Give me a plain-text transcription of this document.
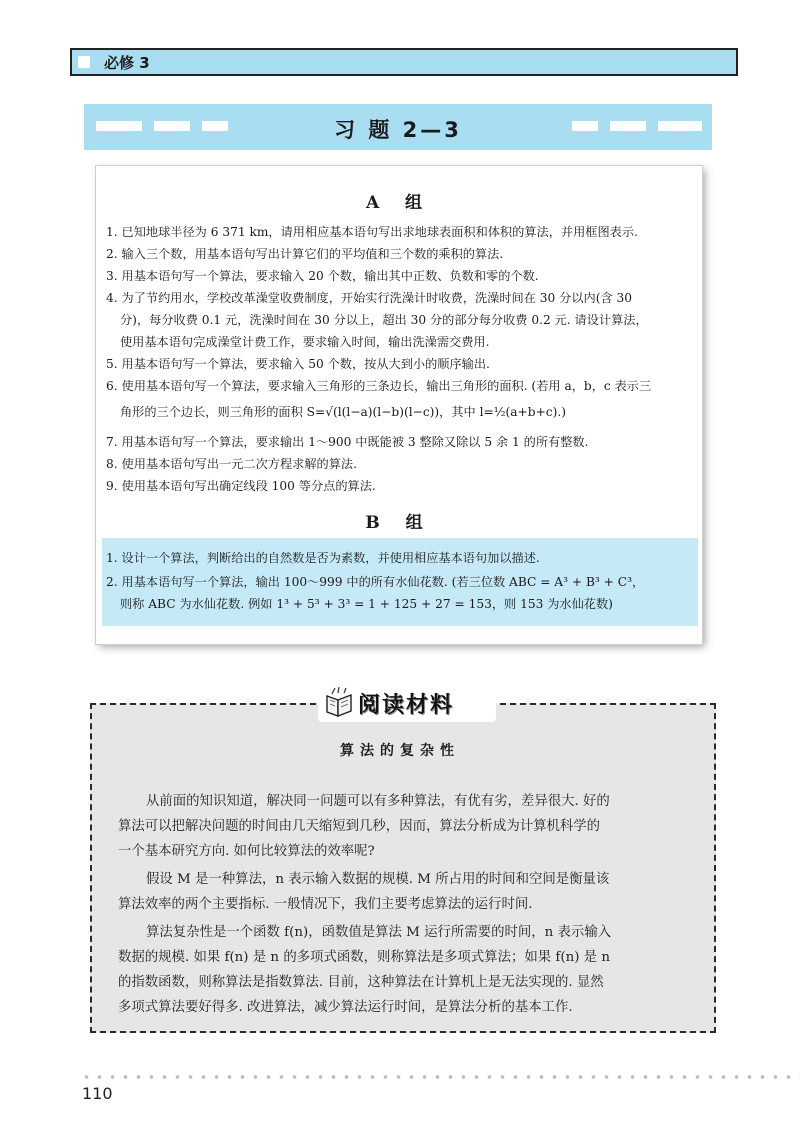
必修 3
习 题 2—3
A 组
1. 已知地球半径为 6 371 km，请用相应基本语句写出求地球表面积和体积的算法，并用框图表示.
2. 输入三个数，用基本语句写出计算它们的平均值和三个数的乘积的算法.
3. 用基本语句写一个算法，要求输入 20 个数，输出其中正数、负数和零的个数.
4. 为了节约用水，学校改革澡堂收费制度，开始实行洗澡计时收费，洗澡时间在 30 分以内(含 30
分)，每分收费 0.1 元，洗澡时间在 30 分以上，超出 30 分的部分每分收费 0.2 元. 请设计算法，
使用基本语句完成澡堂计费工作，要求输入时间，输出洗澡需交费用.
5. 用基本语句写一个算法，要求输入 50 个数，按从大到小的顺序输出.
6. 使用基本语句写一个算法，要求输入三角形的三条边长，输出三角形的面积. (若用 a，b，c 表示三
角形的三个边长，则三角形的面积 S=√(l(l−a)(l−b)(l−c))，其中 l=½(a+b+c).)
7. 用基本语句写一个算法，要求输出 1～900 中既能被 3 整除又除以 5 余 1 的所有整数.
8. 使用基本语句写出一元二次方程求解的算法.
9. 使用基本语句写出确定线段 100 等分点的算法.
B 组
1. 设计一个算法，判断给出的自然数是否为素数，并使用相应基本语句加以描述.
2. 用基本语句写一个算法，输出 100～999 中的所有水仙花数. (若三位数 ABC = A³ + B³ + C³，
则称 ABC 为水仙花数. 例如 1³ + 5³ + 3³ = 1 + 125 + 27 = 153，则 153 为水仙花数)
阅读材料
算法的复杂性
从前面的知识知道，解决同一问题可以有多种算法，有优有劣，差异很大. 好的
算法可以把解决问题的时间由几天缩短到几秒，因而，算法分析成为计算机科学的
一个基本研究方向. 如何比较算法的效率呢?
假设 M 是一种算法，n 表示输入数据的规模. M 所占用的时间和空间是衡量该
算法效率的两个主要指标. 一般情况下，我们主要考虑算法的运行时间.
算法复杂性是一个函数 f(n)，函数值是算法 M 运行所需要的时间，n 表示输入
数据的规模. 如果 f(n) 是 n 的多项式函数，则称算法是多项式算法；如果 f(n) 是 n
的指数函数，则称算法是指数算法. 目前，这种算法在计算机上是无法实现的. 显然
多项式算法要好得多. 改进算法，减少算法运行时间，是算法分析的基本工作.
110
